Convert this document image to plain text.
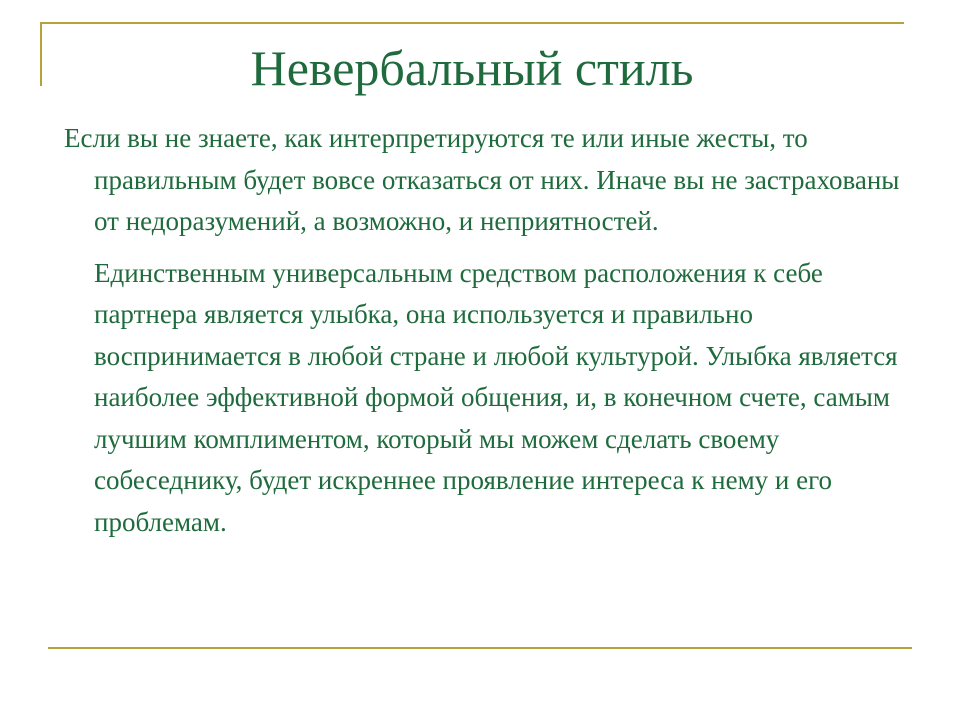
Невербальный стиль

Если вы не знаете, как интерпретируются те или иные жесты, то правильным будет вовсе отказаться от них. Иначе вы не застрахованы от недоразумений, а возможно, и неприятностей.

Единственным универсальным средством расположения к себе партнера является улыбка, она используется и правильно воспринимается в любой стране и любой культурой. Улыбка является наиболее эффективной формой общения, и, в конечном счете, самым лучшим комплиментом, который мы можем сделать своему собеседнику, будет искреннее проявление интереса к нему и его проблемам.
